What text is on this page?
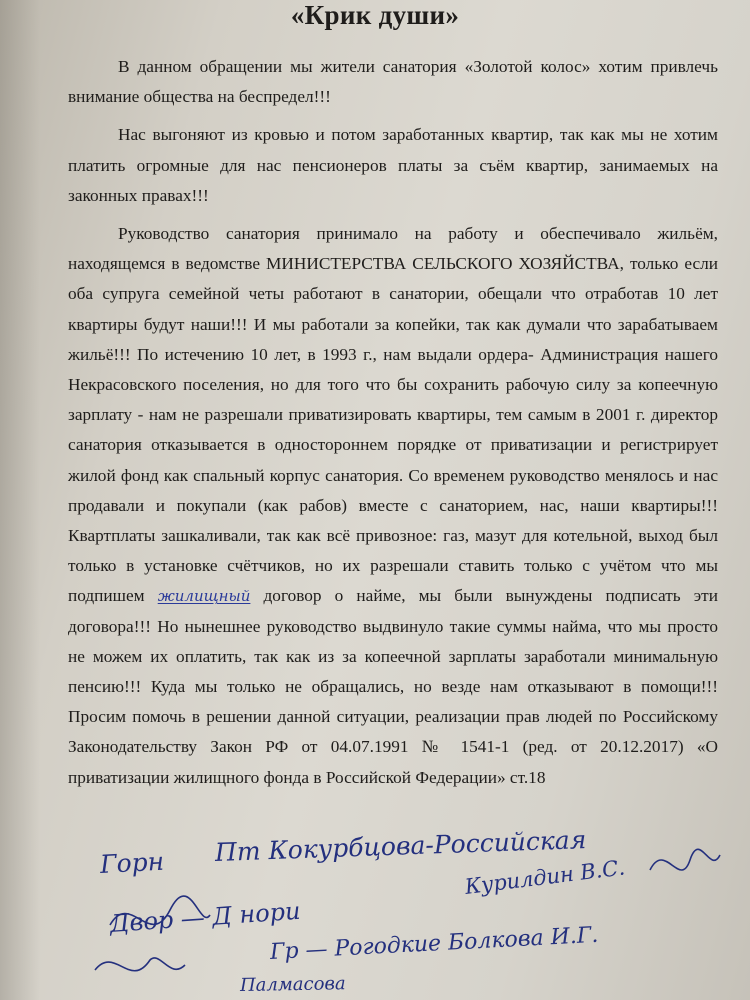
«Крик души»

В данном обращении мы жители санатория «Золотой колос» хотим привлечь внимание общества на беспредел!!!

Нас выгоняют из кровью и потом заработанных квартир, так как мы не хотим платить огромные для нас пенсионеров платы за съём квартир, занимаемых на законных правах!!!

Руководство санатория принимало на работу и обеспечивало жильём, находящемся в ведомстве МИНИСТЕРСТВА СЕЛЬСКОГО ХОЗЯЙСТВА, только если оба супруга семейной четы работают в санатории, обещали что отработав 10 лет квартиры будут наши!!! И мы работали за копейки, так как думали что зарабатываем жильё!!! По истечению 10 лет, в 1993 г., нам выдали ордера- Администрация нашего Некрасовского поселения, но для того что бы сохранить рабочую силу за копеечную зарплату - нам не разрешали приватизировать квартиры, тем самым в 2001 г. директор санатория отказывается в одностороннем порядке от приватизации и регистрирует жилой фонд как спальный корпус санатория. Со временем руководство менялось и нас продавали и покупали (как рабов) вместе с санаторием, нас, наши квартиры!!! Квартплаты зашкаливали, так как всё привозное: газ, мазут для котельной, выход был только в установке счётчиков, но их разрешали ставить только с учётом что мы подпишем жилищный договор о найме, мы были вынуждены подписать эти договора!!! Но нынешнее руководство выдвинуло такие суммы найма, что мы просто не можем их оплатить, так как из за копеечной зарплаты заработали минимальную пенсию!!! Куда мы только не обращались, но везде нам отказывают в помощи!!! Просим помочь в решении данной ситуации, реализации прав людей по Российскому Законодательству Закон РФ от 04.07.1991 № 1541-1 (ред. от 20.12.2017) «О приватизации жилищного фонда в Российской Федерации» ст.18

Горн Пт Кокурбцова-Российская
Двор — Д нори
Курилдин В.С.
Гр — Рогодкие Болкова И.Г.
Палмасова
